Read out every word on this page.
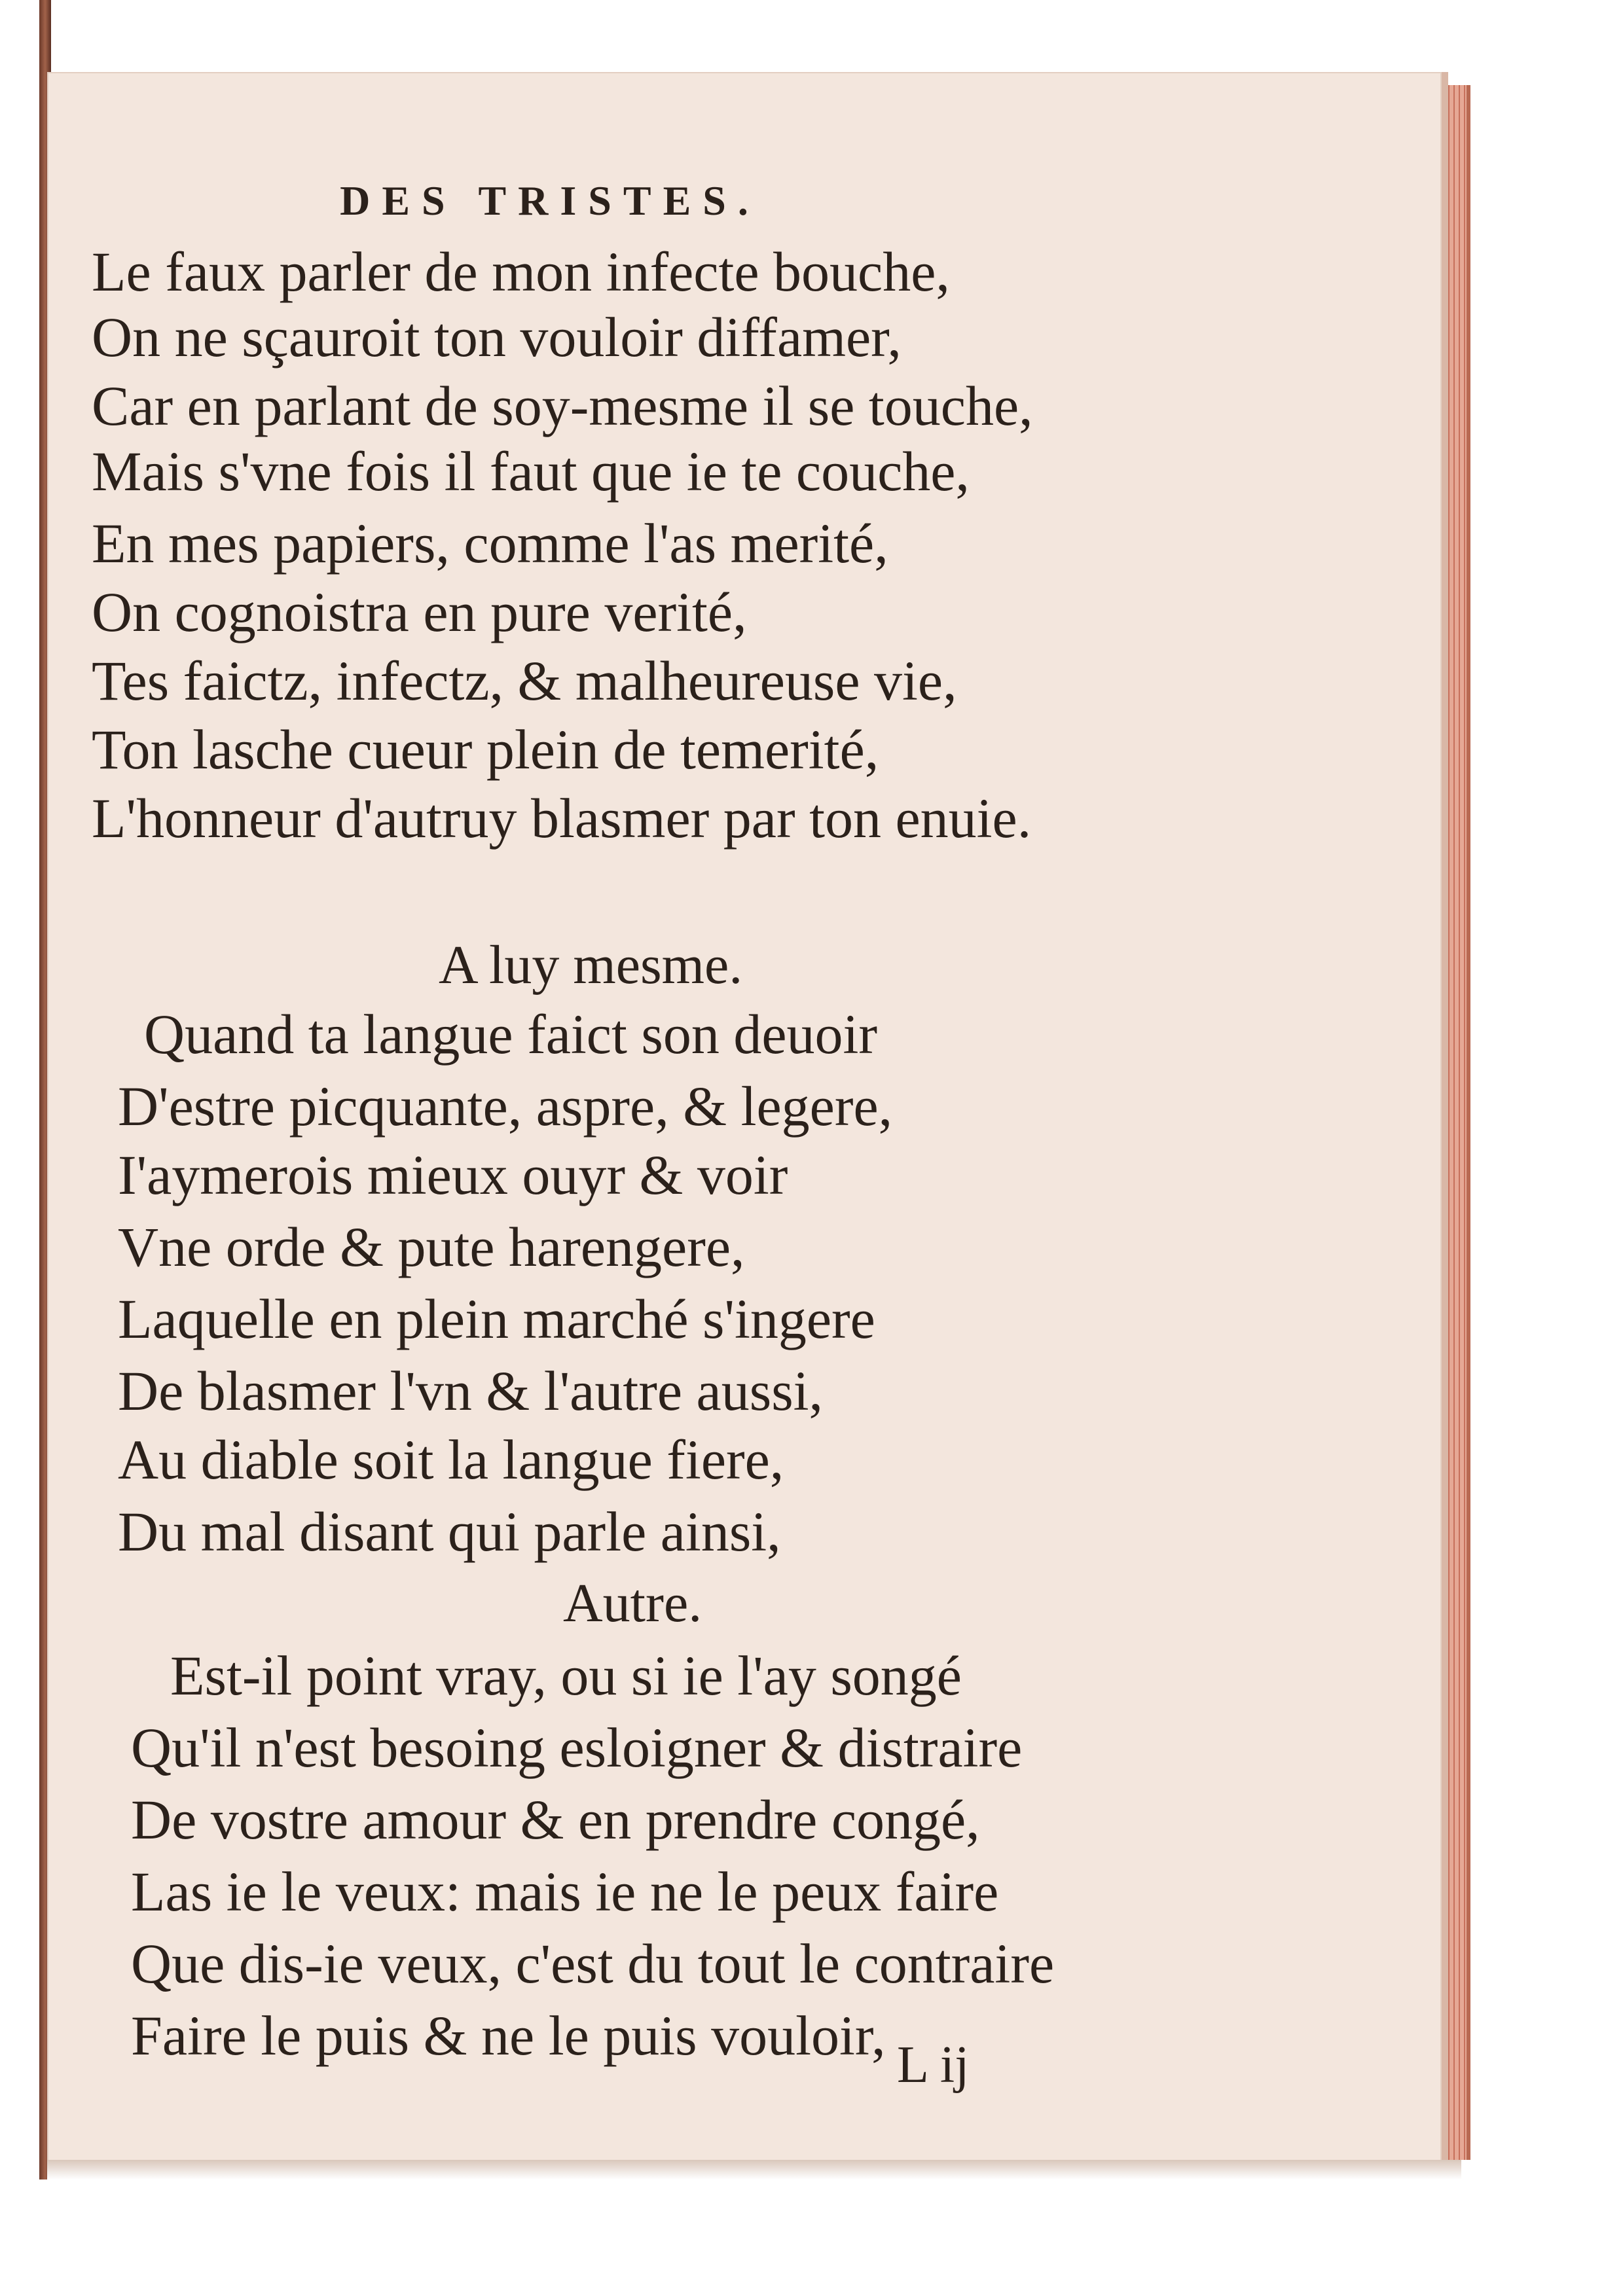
DES TRISTES.
Le faux parler de mon infecte bouche,
On ne sçauroit ton vouloir diffamer,
Car en parlant de soy-mesme il se touche,
Mais s'vne fois il faut que ie te couche,
En mes papiers, comme l'as merité,
On cognoistra en pure verité,
Tes faictz, infectz, & malheureuse vie,
Ton lasche cueur plein de temerité,
L'honneur d'autruy blasmer par ton enuie.
A luy mesme.
Quand ta langue faict son deuoir
D'estre picquante, aspre, & legere,
I'aymerois mieux ouyr & voir
Vne orde & pute harengere,
Laquelle en plein marché s'ingere
De blasmer l'vn & l'autre aussi,
Au diable soit la langue fiere,
Du mal disant qui parle ainsi,
Autre.
Est-il point vray, ou si ie l'ay songé
Qu'il n'est besoing esloigner & distraire
De vostre amour & en prendre congé,
Las ie le veux: mais ie ne le peux faire
Que dis-ie veux, c'est du tout le contraire
Faire le puis & ne le puis vouloir, L ij
